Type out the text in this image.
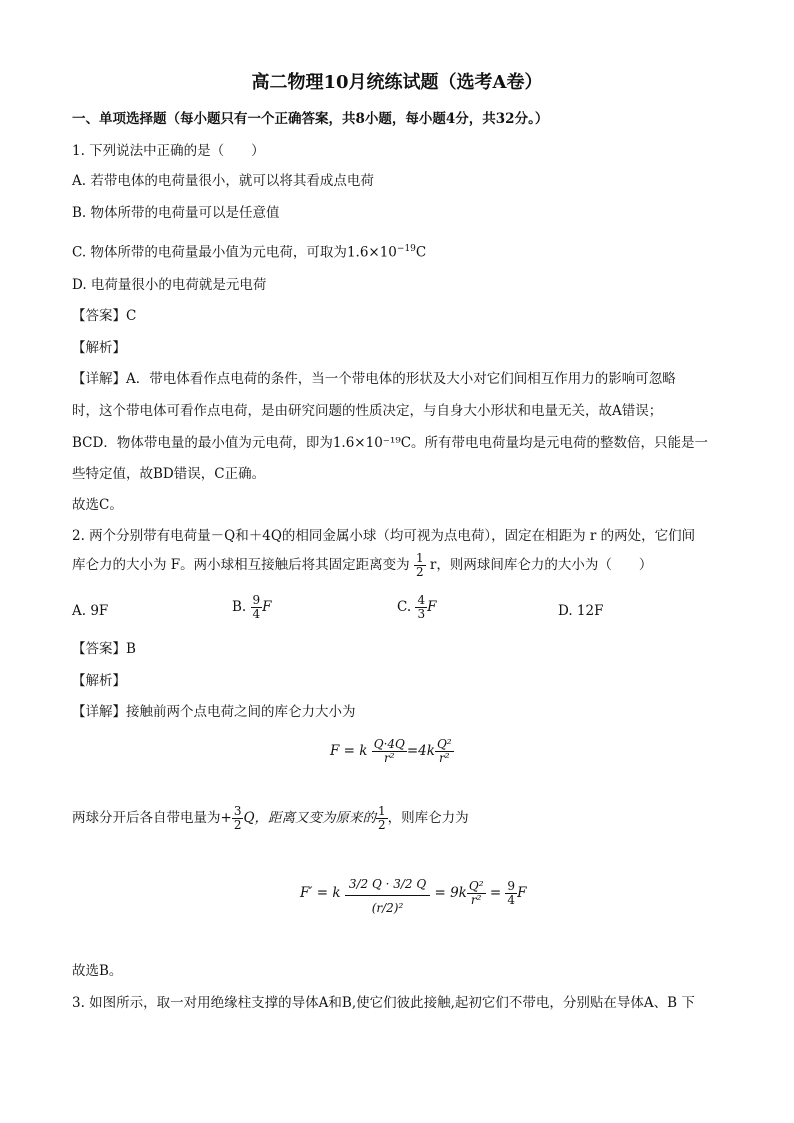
高二物理10月统练试题（选考A卷）
一、单项选择题（每小题只有一个正确答案，共8小题，每小题4分，共32分。）
1. 下列说法中正确的是（　　）
A. 若带电体的电荷量很小，就可以将其看成点电荷
B. 物体所带的电荷量可以是任意值
C. 物体所带的电荷量最小值为元电荷，可取为$1.6\times 10^{-19}C$
D. 电荷量很小的电荷就是元电荷
【答案】C
【解析】
【详解】A．带电体看作点电荷的条件，当一个带电体的形状及大小对它们间相互作用力的影响可忽略
时，这个带电体可看作点电荷，是由研究问题的性质决定，与自身大小形状和电量无关，故A错误；
BCD．物体带电量的最小值为元电荷，即为1.6×10⁻¹⁹C。所有带电电荷量均是元电荷的整数倍，只能是一
些特定值，故BD错误，C正确。
故选C。
2. 两个分别带有电荷量－Q和＋4Q的相同金属小球（均可视为点电荷），固定在相距为 r 的两处，它们间
库仑力的大小为 F。两小球相互接触后将其固定距离变为 $\frac{1}{2}$ r，则两球间库仑力的大小为（　　）
A. 9F	B. $\frac{9}{4}$ F	C. $\frac{4}{3}$ F	D. 12F
【答案】B
【解析】
【详解】接触前两个点电荷之间的库仑力大小为
F = k $\frac{Q\cdot 4Q}{\text{r²}} =4k \frac{\text{Q²}}{\text{r²}}$
两球分开后各自带电量为+ $\frac{3}{2}$ Q，距离又变为原来的 $\frac{1}{2}$ ，则库仑力为
F′ = k $\frac{3/2 Q \cdot 3/2 Q}{\text{(r/2)²}} = 9k \frac{\text{Q²}}{\text{r²}} = \frac{9}{4}$ F
故选B。
3. 如图所示，取一对用绝缘柱支撑的导体A和B,使它们彼此接触,起初它们不带电，分别贴在导体A、B 下
